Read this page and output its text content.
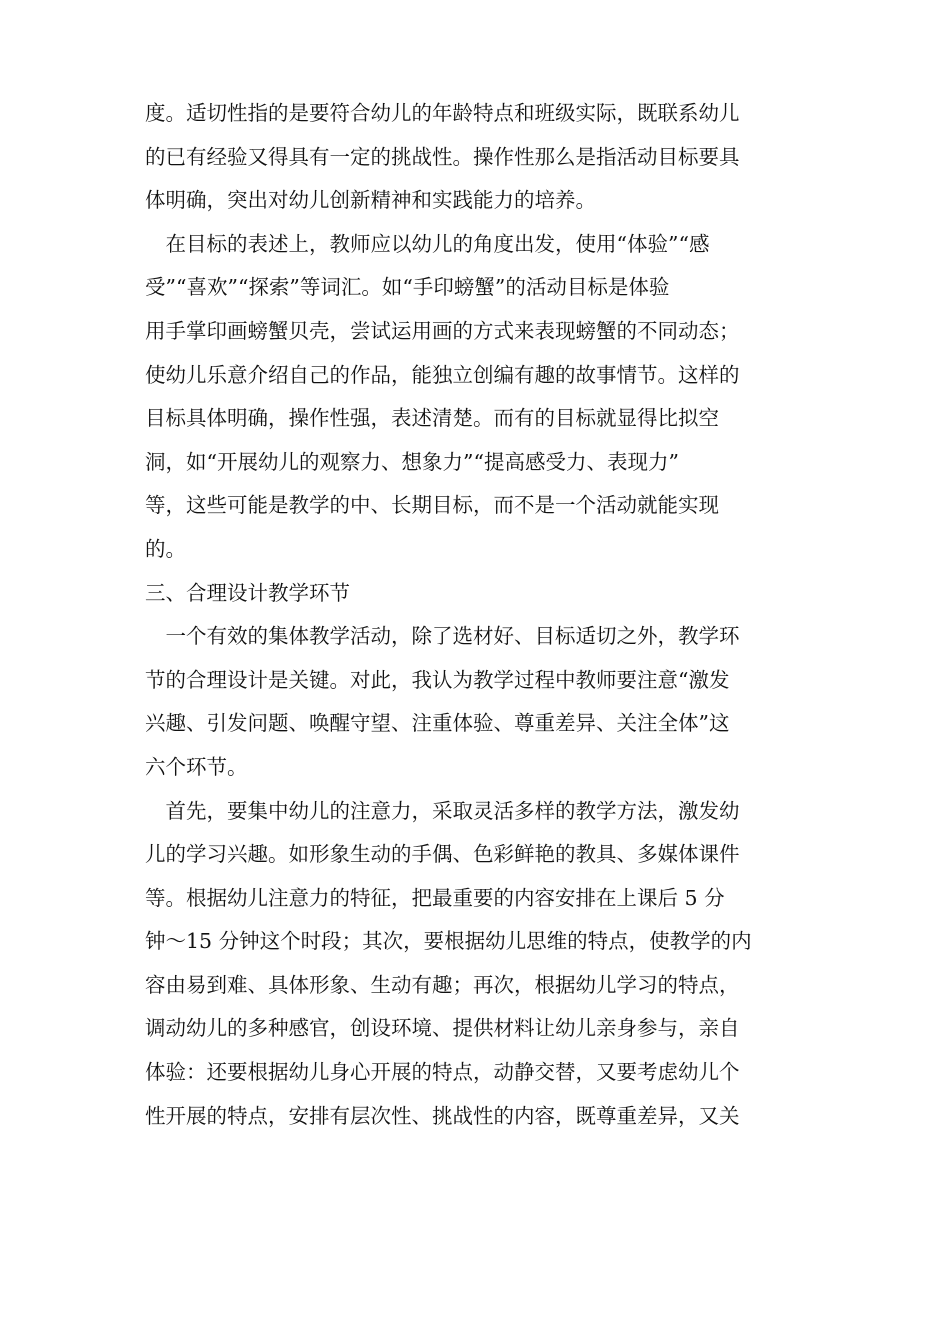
度。适切性指的是要符合幼儿的年龄特点和班级实际，既联系幼儿
的已有经验又得具有一定的挑战性。操作性那么是指活动目标要具
体明确，突出对幼儿创新精神和实践能力的培养。
　在目标的表述上，教师应以幼儿的角度出发，使用“体验”“感
受”“喜欢”“探索”等词汇。如“手印螃蟹”的活动目标是体验
用手掌印画螃蟹贝壳，尝试运用画的方式来表现螃蟹的不同动态；
使幼儿乐意介绍自己的作品，能独立创编有趣的故事情节。这样的
目标具体明确，操作性强，表述清楚。而有的目标就显得比拟空
洞，如“开展幼儿的观察力、想象力”“提高感受力、表现力”
等，这些可能是教学的中、长期目标，而不是一个活动就能实现
的。
三、合理设计教学环节
　一个有效的集体教学活动，除了选材好、目标适切之外，教学环
节的合理设计是关键。对此，我认为教学过程中教师要注意“激发
兴趣、引发问题、唤醒守望、注重体验、尊重差异、关注全体”这
六个环节。
　首先，要集中幼儿的注意力，采取灵活多样的教学方法，激发幼
儿的学习兴趣。如形象生动的手偶、色彩鲜艳的教具、多媒体课件
等。根据幼儿注意力的特征，把最重要的内容安排在上课后 5 分
钟～15 分钟这个时段；其次，要根据幼儿思维的特点，使教学的内
容由易到难、具体形象、生动有趣；再次，根据幼儿学习的特点，
调动幼儿的多种感官，创设环境、提供材料让幼儿亲身参与，亲自
体验：还要根据幼儿身心开展的特点，动静交替，又要考虑幼儿个
性开展的特点，安排有层次性、挑战性的内容，既尊重差异，又关
